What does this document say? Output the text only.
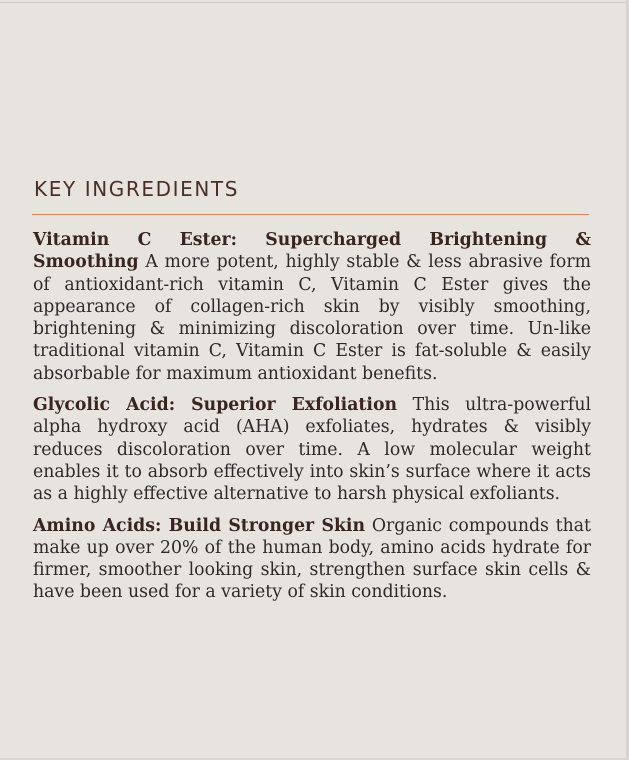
KEY INGREDIENTS

Vitamin C Ester: Supercharged Brightening & Smoothing A more potent, highly stable & less abrasive form of antioxidant-rich vitamin C, Vitamin C Ester gives the appearance of collagen-rich skin by visibly smoothing, brightening & minimizing discoloration over time. Un-like traditional vitamin C, Vitamin C Ester is fat-soluble & easily absorbable for maximum antioxidant benefits.

Glycolic Acid: Superior Exfoliation This ultra-powerful alpha hydroxy acid (AHA) exfoliates, hydrates & visibly reduces discoloration over time. A low molecular weight enables it to absorb effectively into skin’s surface where it acts as a highly effective alternative to harsh physical exfoliants.

Amino Acids: Build Stronger Skin Organic compounds that make up over 20% of the human body, amino acids hydrate for firmer, smoother looking skin, strengthen surface skin cells & have been used for a variety of skin conditions.
